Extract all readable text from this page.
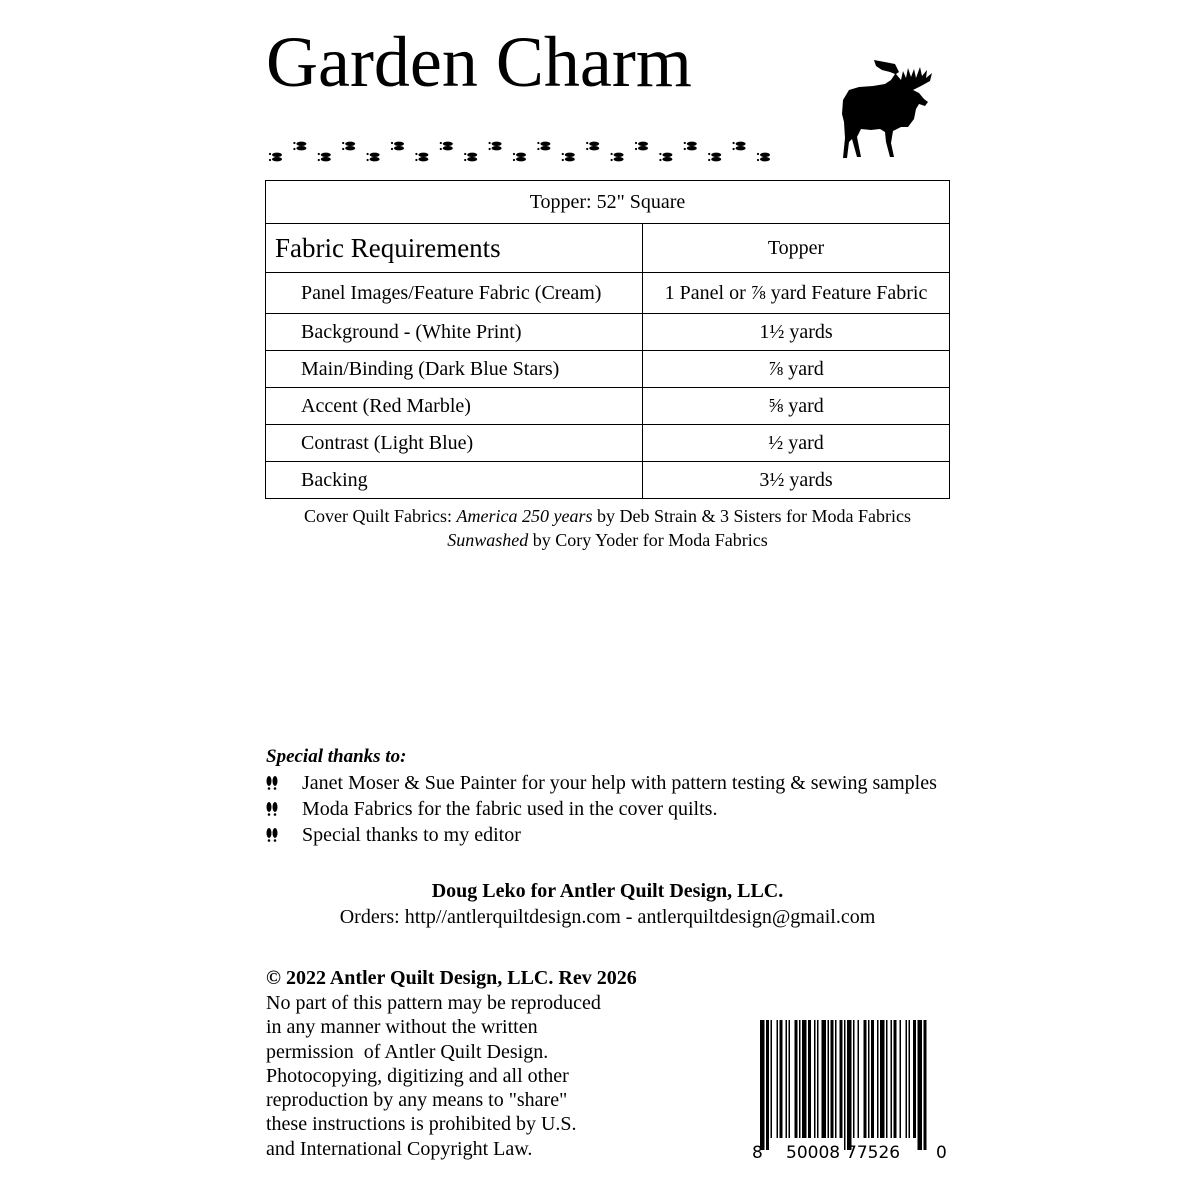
Garden Charm
Topper: 52" Square	
Fabric Requirements	Topper
Panel Images/Feature Fabric (Cream)	1 Panel or ⅞ yard Feature Fabric
Background - (White Print)	1½ yards
Main/Binding (Dark Blue Stars)	⅞ yard
Accent (Red Marble)	⅝ yard
Contrast (Light Blue)	½ yard
Backing	3½ yards
Cover Quilt Fabrics: America 250 years by Deb Strain & 3 Sisters for Moda Fabrics
Sunwashed by Cory Yoder for Moda Fabrics
Special thanks to:
Janet Moser & Sue Painter for your help with pattern testing & sewing samples
Moda Fabrics for the fabric used in the cover quilts.
Special thanks to my editor
Doug Leko for Antler Quilt Design, LLC.
Orders: http//antlerquiltdesign.com - antlerquiltdesign@gmail.com
© 2022 Antler Quilt Design, LLC. Rev 2026
No part of this pattern may be reproduced
in any manner without the written
permission  of Antler Quilt Design.
Photocopying, digitizing and all other
reproduction by any means to "share"
these instructions is prohibited by U.S.
and International Copyright Law.	8 50008 77526 0
